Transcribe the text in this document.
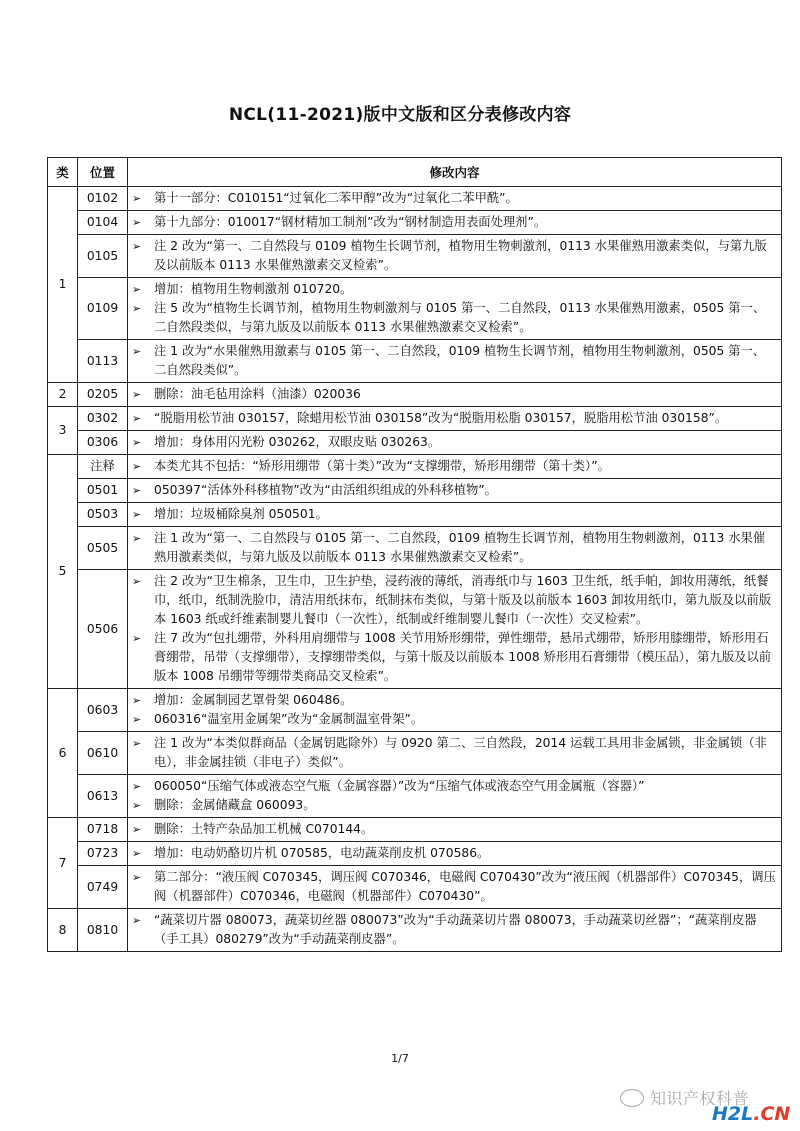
NCL(11-2021)版中文版和区分表修改内容
类	位置	修改内容
1	0102	➢ 第十一部分：C010151“过氧化二苯甲醇”改为“过氧化二苯甲酰”。

	0104	➢ 第十九部分：010017“钢材精加工制剂”改为“钢材制造用表面处理剂”。

	0105	➢ 注 2 改为“第一、二自然段与 0109 植物生长调节剂，植物用生物刺激剂，0113 水果催熟用激素类似，与第九版及以前版本 0113 水果催熟激素交叉检索”。

	0109	➢ 增加：植物用生物刺激剂 010720。
➢ 注 5 改为“植物生长调节剂，植物用生物刺激剂与 0105 第一、二自然段，0113 水果催熟用激素，0505 第一、二自然段类似，与第九版及以前版本 0113 水果催熟激素交叉检索”。

	0113	➢ 注 1 改为“水果催熟用激素与 0105 第一、二自然段，0109 植物生长调节剂，植物用生物刺激剂，0505 第一、二自然段类似”。

2	0205	➢ 删除：油毛毡用涂料（油漆）020036

3	0302	➢ “脱脂用松节油 030157，除蜡用松节油 030158”改为“脱脂用松脂 030157，脱脂用松节油 030158”。

	0306	➢ 增加：身体用闪光粉 030262，双眼皮贴 030263。

5	注释	➢ 本类尤其不包括：“矫形用绷带（第十类）”改为“支撑绷带，矫形用绷带（第十类）”。

	0501	➢ 050397“活体外科移植物”改为“由活组织组成的外科移植物”。

	0503	➢ 增加：垃圾桶除臭剂 050501。

	0505	➢ 注 1 改为“第一、二自然段与 0105 第一、二自然段，0109 植物生长调节剂，植物用生物刺激剂，0113 水果催熟用激素类似，与第九版及以前版本 0113 水果催熟激素交叉检索”。

	0506	➢ 注 2 改为“卫生棉条，卫生巾，卫生护垫，浸药液的薄纸，消毒纸巾与 1603 卫生纸，纸手帕，卸妆用薄纸，纸餐巾，纸巾，纸制洗脸巾，清洁用纸抹布，纸制抹布类似，与第十版及以前版本 1603 卸妆用纸巾，第九版及以前版本 1603 纸或纤维素制婴儿餐巾（一次性），纸制或纤维制婴儿餐巾（一次性）交叉检索”。
➢ 注 7 改为“包扎绷带，外科用肩绷带与 1008 关节用矫形绷带，弹性绷带，悬吊式绷带，矫形用膝绷带，矫形用石膏绷带，吊带（支撑绷带），支撑绷带类似，与第十版及以前版本 1008 矫形用石膏绷带（模压品），第九版及以前版本 1008 吊绷带等绷带类商品交叉检索”。

6	0603	➢ 增加：金属制园艺罩骨架 060486。
➢ 060316“温室用金属架”改为“金属制温室骨架”。

	0610	➢ 注 1 改为“本类似群商品（金属钥匙除外）与 0920 第二、三自然段，2014 运载工具用非金属锁，非金属锁（非电），非金属挂锁（非电子）类似”。

	0613	➢ 060050“压缩气体或液态空气瓶（金属容器）”改为“压缩气体或液态空气用金属瓶（容器）”
➢ 删除：金属储藏盒 060093。

7	0718	➢ 删除：土特产杂品加工机械 C070144。

	0723	➢ 增加：电动奶酪切片机 070585，电动蔬菜削皮机 070586。

	0749	➢ 第二部分：“液压阀 C070345，调压阀 C070346，电磁阀 C070430”改为“液压阀（机器部件）C070345，调压阀（机器部件）C070346，电磁阀（机器部件）C070430”。

8	0810	➢ “蔬菜切片器 080073，蔬菜切丝器 080073”改为“手动蔬菜切片器 080073，手动蔬菜切丝器”；“蔬菜削皮器（手工具）080279”改为“手动蔬菜削皮器”。
1/7
知识产权科普
H2L.CN
